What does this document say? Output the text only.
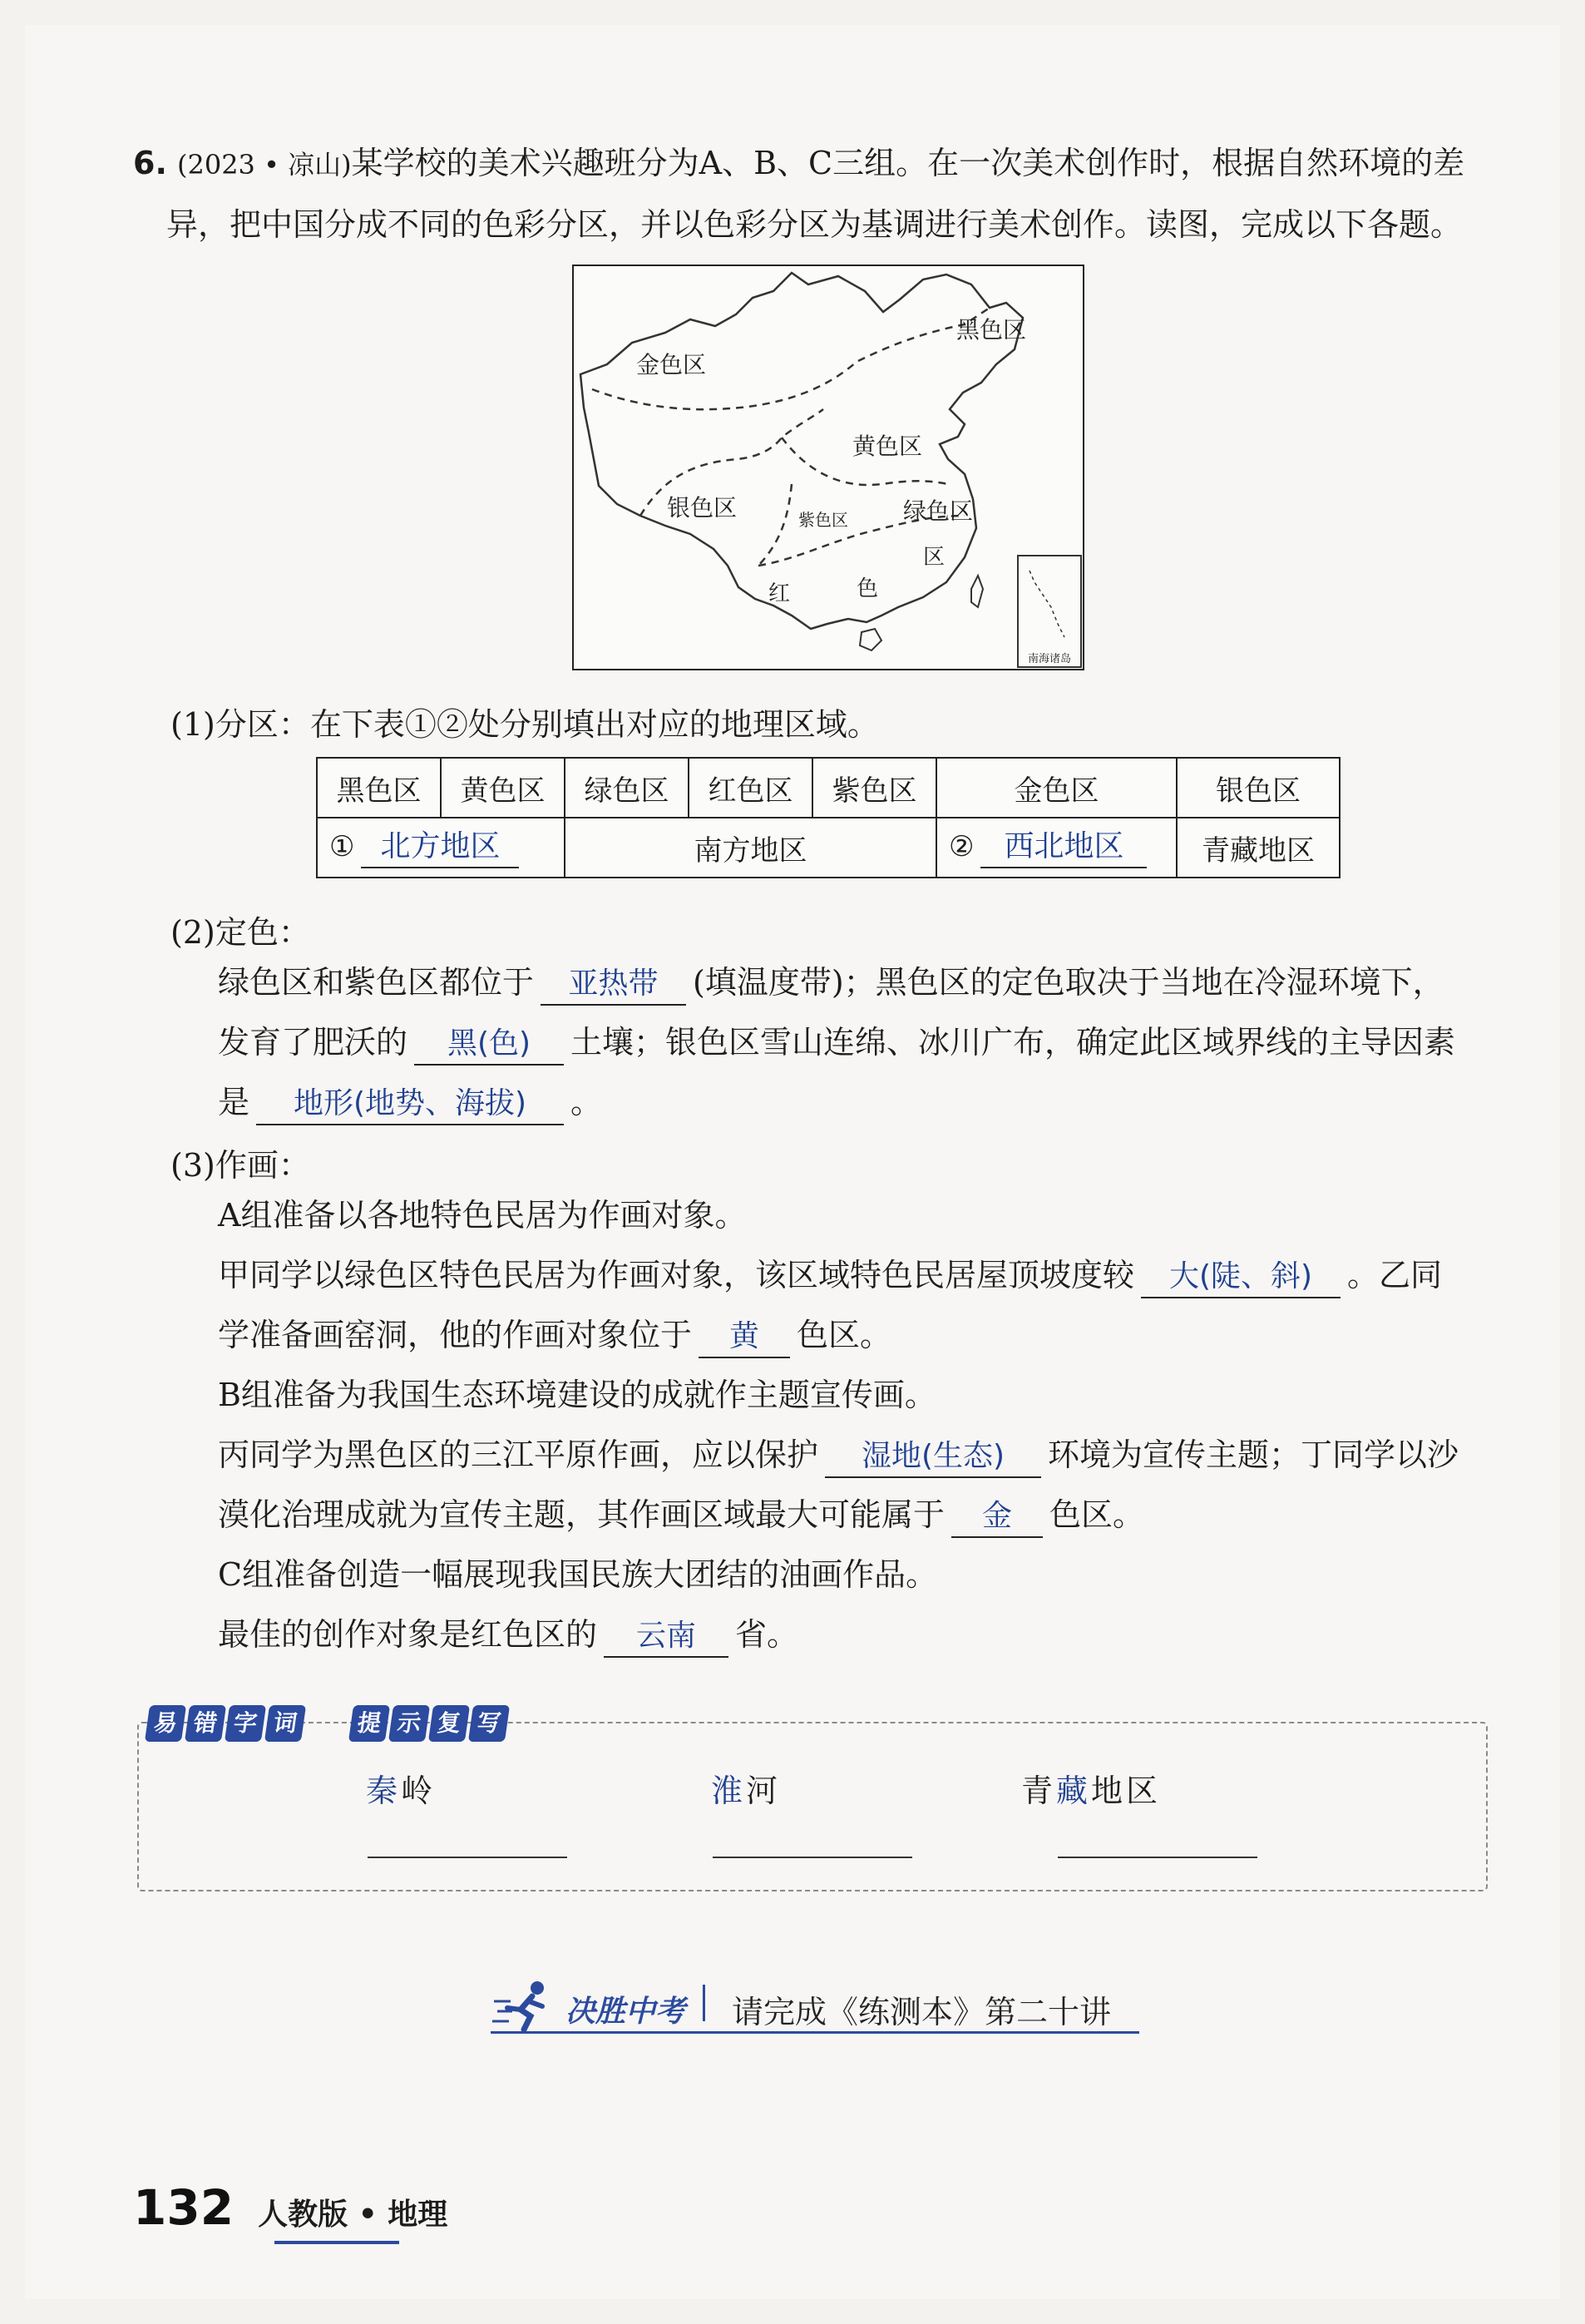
6. (2023 • 凉山)某学校的美术兴趣班分为A、B、C三组。在一次美术创作时，根据自然环境的差
异，把中国分成不同的色彩分区，并以色彩分区为基调进行美术创作。读图，完成以下各题。
南海诸岛
黑色区
金色区
黄色区
银色区	紫色区 绿色区
区
红	色
(1)分区：在下表①②处分别填出对应的地理区域。
黑色区	黄色区	绿色区	红色区	紫色区	金色区	银色区
① 北方地区		南方地区			② 西北地区	青藏地区
(2)定色：
绿色区和紫色区都位于 亚热带 (填温度带)；黑色区的定色取决于当地在冷湿环境下，
发育了肥沃的 黑(色) 土壤；银色区雪山连绵、冰川广布，确定此区域界线的主导因素
是 地形(地势、海拔) 。
(3)作画：
A组准备以各地特色民居为作画对象。
甲同学以绿色区特色民居为作画对象，该区域特色民居屋顶坡度较 大(陡、斜) 。乙同
学准备画窑洞，他的作画对象位于 黄 色区。
B组准备为我国生态环境建设的成就作主题宣传画。
丙同学为黑色区的三江平原作画，应以保护 湿地(生态) 环境为宣传主题；丁同学以沙
漠化治理成就为宣传主题，其作画区域最大可能属于 金 色区。
C组准备创造一幅展现我国民族大团结的油画作品。
最佳的创作对象是红色区的 云南 省。
易 错 字 词	提 示 复 写
秦岭	淮河	青藏地区
决胜中考 请完成《练测本》第二十讲
132 人教版 • 地理
